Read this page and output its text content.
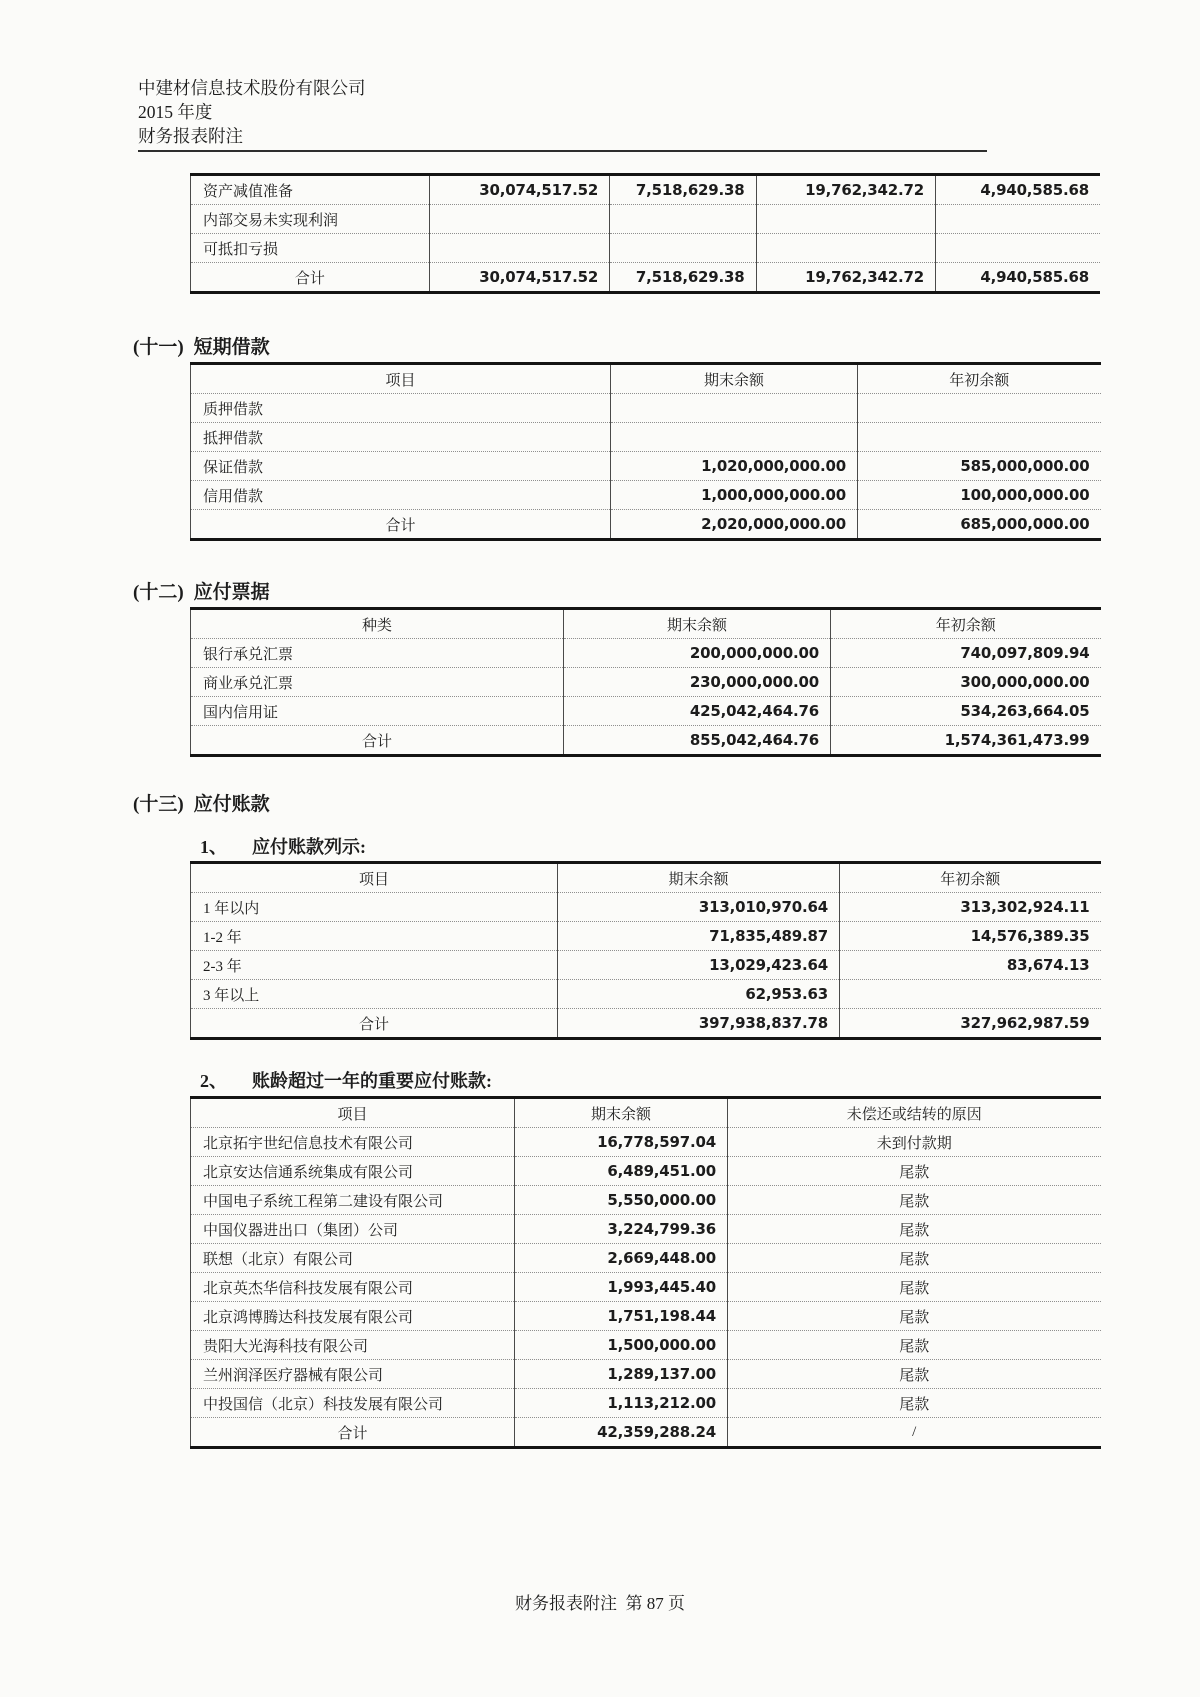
中建材信息技术股份有限公司
2015 年度
财务报表附注
资产减值准备	30,074,517.52	7,518,629.38	19,762,342.72	4,940,585.68
内部交易未实现利润				
可抵扣亏损				
合计	30,074,517.52	7,518,629.38	19,762,342.72	4,940,585.68
(十一) 短期借款
项目	期末余额	年初余额
质押借款		
抵押借款		
保证借款	1,020,000,000.00	585,000,000.00
信用借款	1,000,000,000.00	100,000,000.00
合计	2,020,000,000.00	685,000,000.00
(十二) 应付票据
种类	期末余额	年初余额
银行承兑汇票	200,000,000.00	740,097,809.94
商业承兑汇票	230,000,000.00	300,000,000.00
国内信用证	425,042,464.76	534,263,664.05
合计	855,042,464.76	1,574,361,473.99
(十三) 应付账款
1、 应付账款列示:
项目	期末余额	年初余额
1 年以内	313,010,970.64	313,302,924.11
1-2 年	71,835,489.87	14,576,389.35
2-3 年	13,029,423.64	83,674.13
3 年以上	62,953.63	
合计	397,938,837.78	327,962,987.59
2、 账龄超过一年的重要应付账款:
项目	期末余额	未偿还或结转的原因
北京拓宇世纪信息技术有限公司	16,778,597.04	未到付款期
北京安达信通系统集成有限公司	6,489,451.00	尾款
中国电子系统工程第二建设有限公司	5,550,000.00	尾款
中国仪器进出口（集团）公司	3,224,799.36	尾款
联想（北京）有限公司	2,669,448.00	尾款
北京英杰华信科技发展有限公司	1,993,445.40	尾款
北京鸿博腾达科技发展有限公司	1,751,198.44	尾款
贵阳大光海科技有限公司	1,500,000.00	尾款
兰州润泽医疗器械有限公司	1,289,137.00	尾款
中投国信（北京）科技发展有限公司	1,113,212.00	尾款
合计	42,359,288.24	/
财务报表附注  第 87 页
